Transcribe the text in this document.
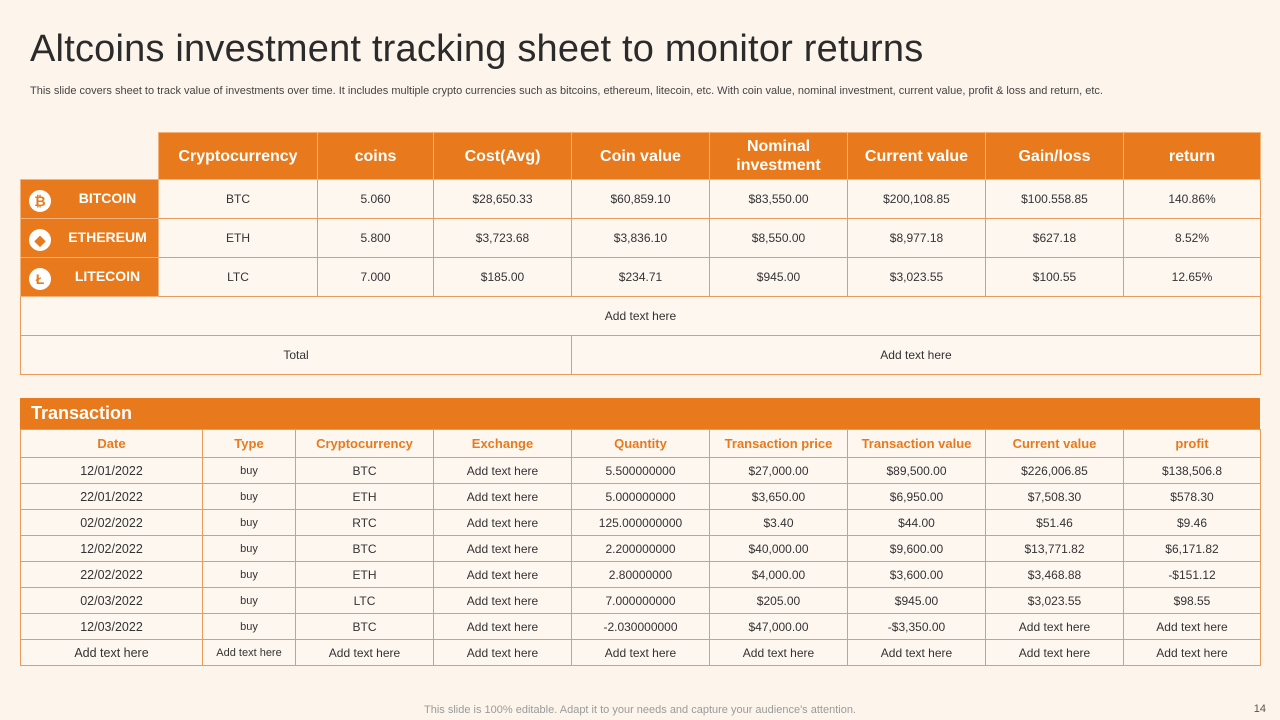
Altcoins investment tracking sheet to monitor returns

This slide covers sheet to track value of investments over time. It includes multiple crypto currencies such as bitcoins, ethereum, litecoin, etc. With coin value, nominal investment, current value, profit & loss and return, etc.

	Cryptocurrency	coins	Cost(Avg)	Coin value	Nominal investment	Current value	Gain/loss	return

₿ BITCOIN	BTC	5.060	$28,650.33	$60,859.10	$83,550.00	$200,108.85	$100.558.85	140.86%

◆ ETHEREUM	ETH	5.800	$3,723.68	$3,836.10	$8,550.00	$8,977.18	$627.18	8.52%

Ł LITECOIN	LTC	7.000	$185.00	$234.71	$945.00	$3,023.55	$100.55	12.65%
Add text here								
Total				Add text here				
Transaction
Date	Type	Cryptocurrency	Exchange	Quantity	Transaction price	Transaction value	Current value	profit
12/01/2022	buy	BTC	Add text here	5.500000000	$27,000.00	$89,500.00	$226,006.85	$138,506.8
22/01/2022	buy	ETH	Add text here	5.000000000	$3,650.00	$6,950.00	$7,508.30	$578.30
02/02/2022	buy	RTC	Add text here	125.000000000	$3.40	$44.00	$51.46	$9.46
12/02/2022	buy	BTC	Add text here	2.200000000	$40,000.00	$9,600.00	$13,771.82	$6,171.82
22/02/2022	buy	ETH	Add text here	2.80000000	$4,000.00	$3,600.00	$3,468.88	-$151.12
02/03/2022	buy	LTC	Add text here	7.000000000	$205.00	$945.00	$3,023.55	$98.55
12/03/2022	buy	BTC	Add text here	-2.030000000	$47,000.00	-$3,350.00	Add text here	Add text here
Add text here	Add text here	Add text here	Add text here	Add text here	Add text here	Add text here	Add text here	Add text here
This slide is 100% editable. Adapt it to your needs and capture your audience's attention.	14
